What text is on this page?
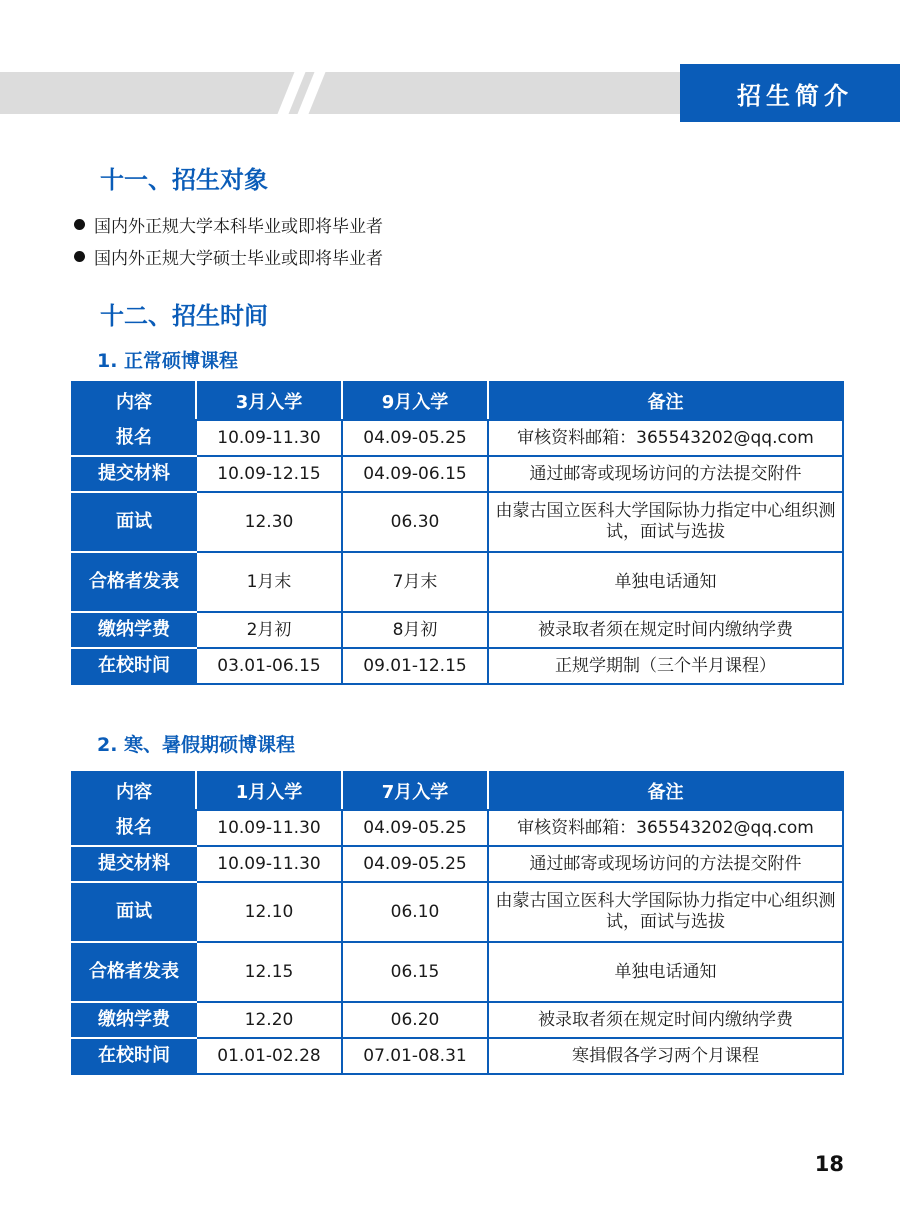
招生简介
十一、招生对象
国内外正规大学本科毕业或即将毕业者
国内外正规大学硕士毕业或即将毕业者
十二、招生时间
1. 正常硕博课程
内容	3月入学	9月入学	备注
报名	10.09-11.30	04.09-05.25	审核资料邮箱：365543202@qq.com
提交材料	10.09-12.15	04.09-06.15	通过邮寄或现场访问的方法提交附件
面试	12.30	06.30	由蒙古国立医科大学国际协力指定中心组织测试，面试与选拔
合格者发表	1月末	7月末	单独电话通知
缴纳学费	2月初	8月初	被录取者须在规定时间内缴纳学费
在校时间	03.01-06.15	09.01-12.15	正规学期制（三个半月课程）
2. 寒、暑假期硕博课程
内容	1月入学	7月入学	备注
报名	10.09-11.30	04.09-05.25	审核资料邮箱：365543202@qq.com
提交材料	10.09-11.30	04.09-05.25	通过邮寄或现场访问的方法提交附件
面试	12.10	06.10	由蒙古国立医科大学国际协力指定中心组织测试，面试与选拔
合格者发表	12.15	06.15	单独电话通知
缴纳学费	12.20	06.20	被录取者须在规定时间内缴纳学费
在校时间	01.01-02.28	07.01-08.31	寒揖假各学习两个月课程
18
